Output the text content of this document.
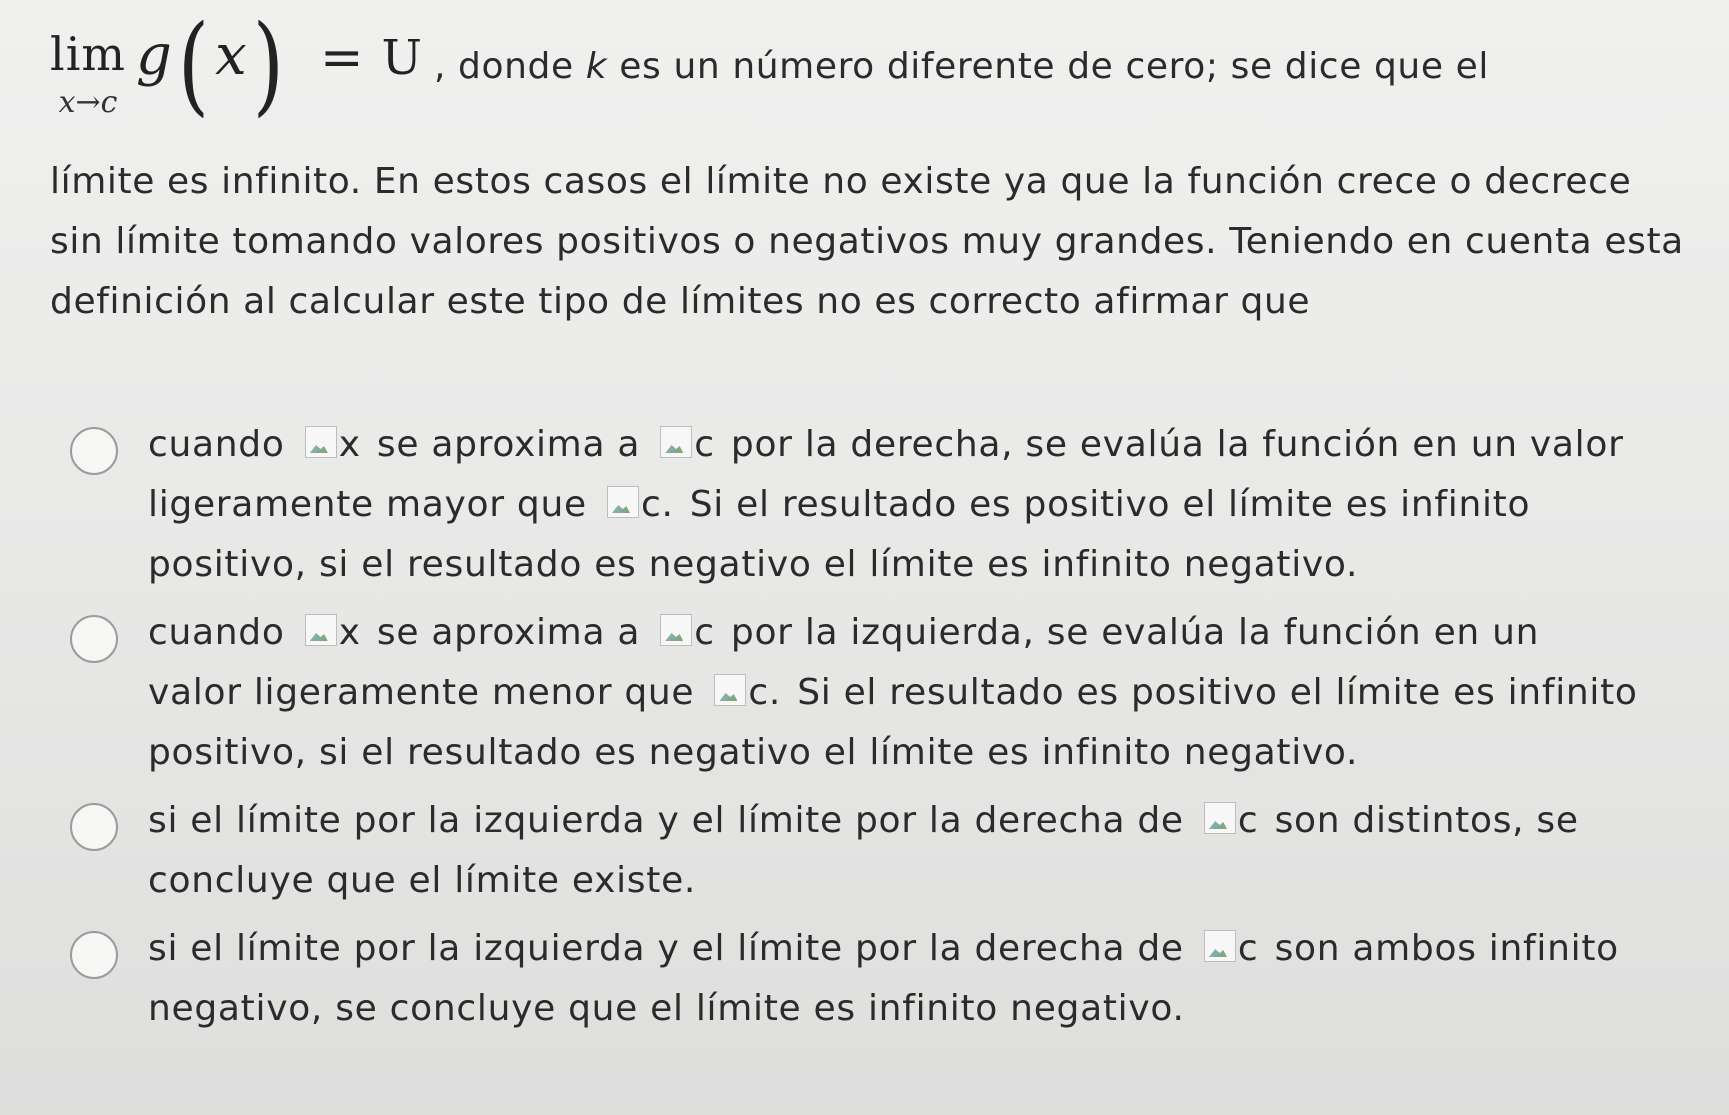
lim
x→c
g ( x ) = U , donde k es un número diferente de cero; se dice que el
límite es infinito. En estos casos el límite no existe ya que la función crece o decrece sin límite tomando valores positivos o negativos muy grandes. Teniendo en cuenta esta definición al calcular este tipo de límites no es correcto afirmar que
cuando x se aproxima a c por la derecha, se evalúa la función en un valor ligeramente mayor que c. Si el resultado es positivo el límite es infinito positivo, si el resultado es negativo el límite es infinito negativo.
cuando x se aproxima a c por la izquierda, se evalúa la función en un valor ligeramente menor que c. Si el resultado es positivo el límite es infinito positivo, si el resultado es negativo el límite es infinito negativo.
si el límite por la izquierda y el límite por la derecha de c son distintos, se concluye que el límite existe.
si el límite por la izquierda y el límite por la derecha de c son ambos infinito negativo, se concluye que el límite es infinito negativo.
